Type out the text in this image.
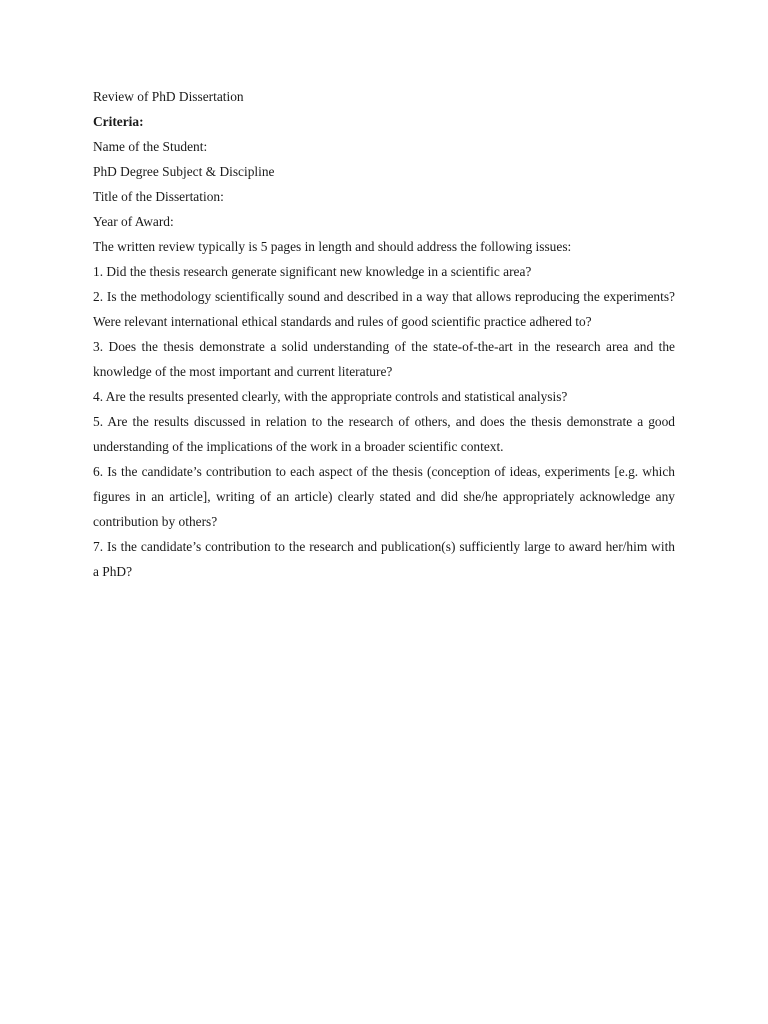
Review of PhD Dissertation

Criteria:

Name of the Student:

PhD Degree Subject & Discipline

Title of the Dissertation:

Year of Award:

The written review typically is 5 pages in length and should address the following issues:

1. Did the thesis research generate significant new knowledge in a scientific area?

2. Is the methodology scientifically sound and described in a way that allows reproducing the experiments? Were relevant international ethical standards and rules of good scientific practice adhered to?

3. Does the thesis demonstrate a solid understanding of the state-of-the-art in the research area and the knowledge of the most important and current literature?

4. Are the results presented clearly, with the appropriate controls and statistical analysis?

5. Are the results discussed in relation to the research of others, and does the thesis demonstrate a good understanding of the implications of the work in a broader scientific context.

6. Is the candidate’s contribution to each aspect of the thesis (conception of ideas, experiments [e.g. which figures in an article], writing of an article) clearly stated and did she/he appropriately acknowledge any contribution by others?

7. Is the candidate’s contribution to the research and publication(s) sufficiently large to award her/him with a PhD?
